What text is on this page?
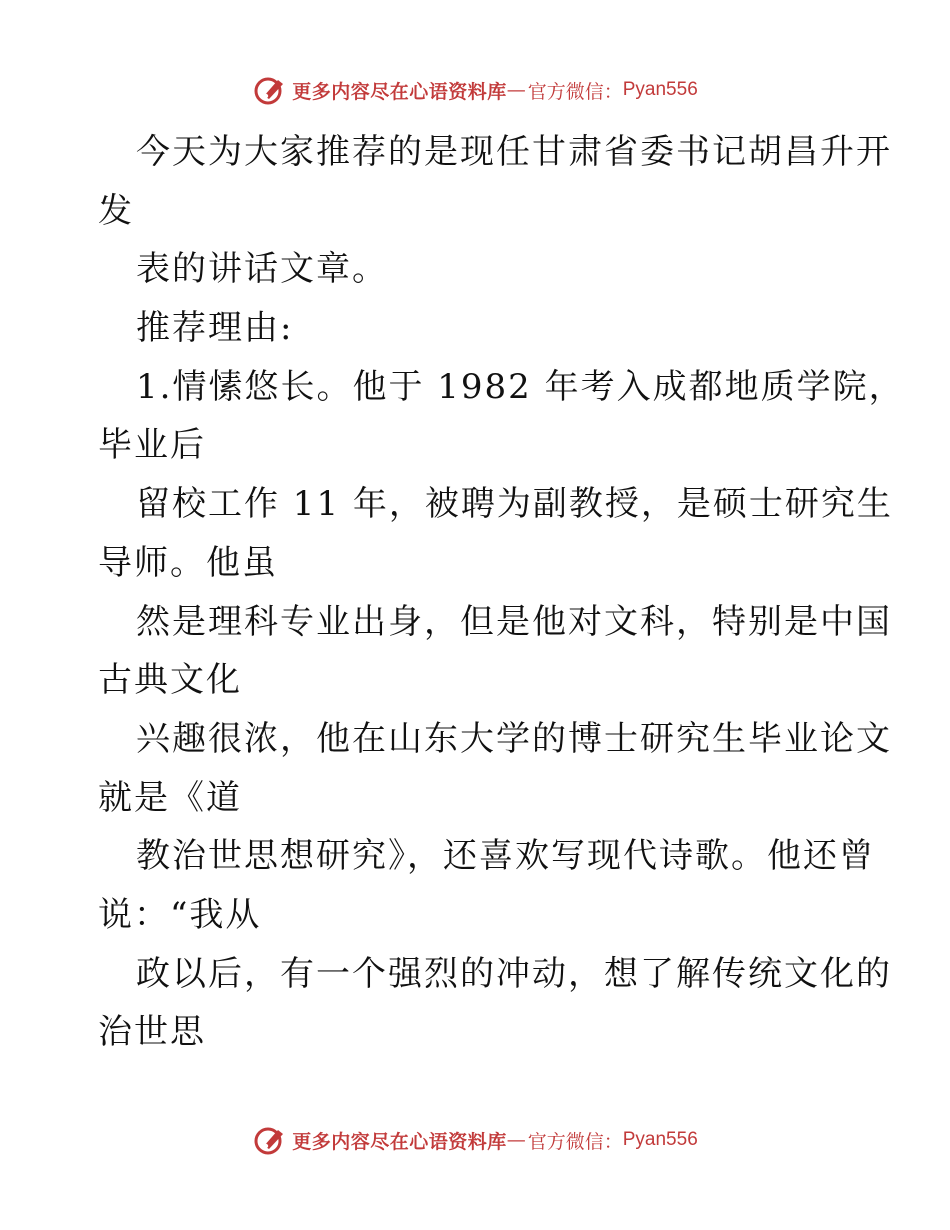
更多内容尽在心语资料库 — 官方微信： Pyan556
今天为大家推荐的是现任甘肃省委书记胡昌升开
发
表的讲话文章。
推荐理由:
1.情愫悠长。他于 1982 年考入成都地质学院，
毕业后
留校工作 11 年，被聘为副教授，是硕士研究生
导师。他虽
然是理科专业出身，但是他对文科，特别是中国
古典文化
兴趣很浓，他在山东大学的博士研究生毕业论文
就是《道
教治世思想研究》，还喜欢写现代诗歌。他还曾
说：“我从
政以后，有一个强烈的冲动，想了解传统文化的
治世思
更多内容尽在心语资料库 — 官方微信： Pyan556
